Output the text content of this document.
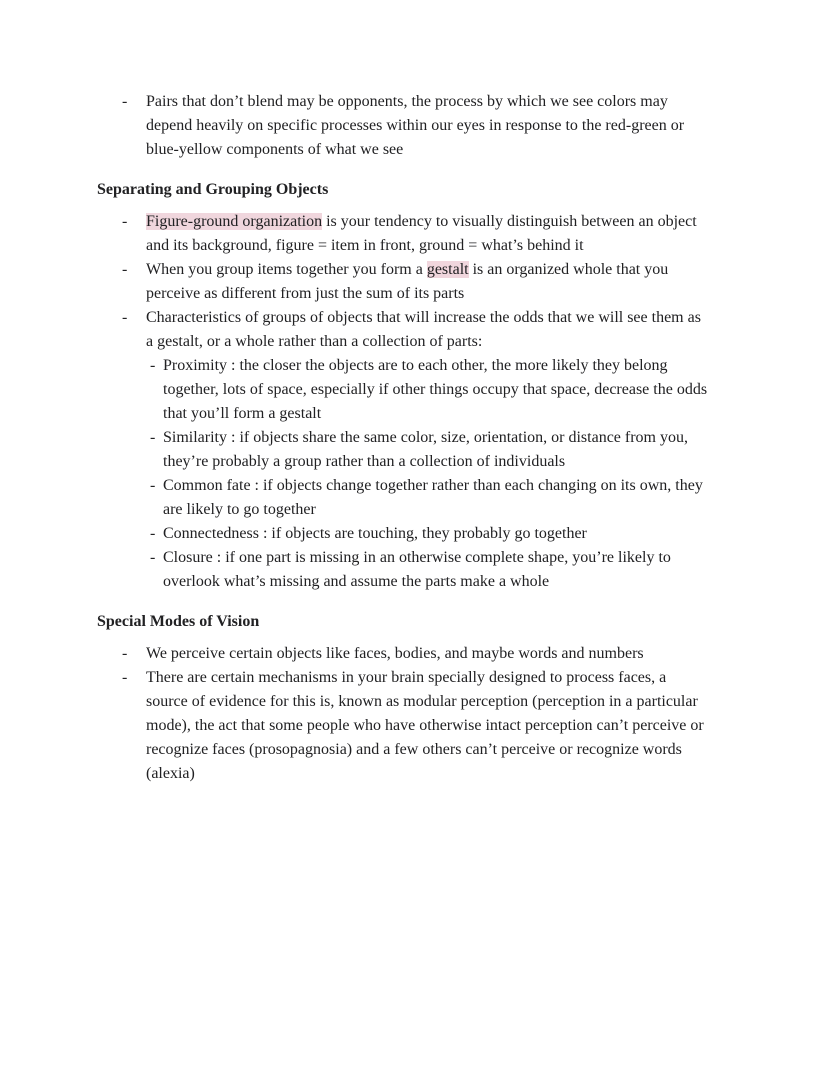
- Pairs that don’t blend may be opponents, the process by which we see colors may depend heavily on specific processes within our eyes in response to the red-green or blue-yellow components of what we see
Separating and Grouping Objects
- Figure-ground organization is your tendency to visually distinguish between an object and its background, figure = item in front, ground = what’s behind it
- When you group items together you form a gestalt is an organized whole that you perceive as different from just the sum of its parts
- Characteristics of groups of objects that will increase the odds that we will see them as a gestalt, or a whole rather than a collection of parts:
- Proximity : the closer the objects are to each other, the more likely they belong together, lots of space, especially if other things occupy that space, decrease the odds that you’ll form a gestalt
- Similarity : if objects share the same color, size, orientation, or distance from you, they’re probably a group rather than a collection of individuals
- Common fate : if objects change together rather than each changing on its own, they are likely to go together
- Connectedness : if objects are touching, they probably go together
- Closure : if one part is missing in an otherwise complete shape, you’re likely to overlook what’s missing and assume the parts make a whole
Special Modes of Vision
- We perceive certain objects like faces, bodies, and maybe words and numbers
- There are certain mechanisms in your brain specially designed to process faces, a source of evidence for this is, known as modular perception (perception in a particular mode), the act that some people who have otherwise intact perception can’t perceive or recognize faces (prosopagnosia) and a few others can’t perceive or recognize words (alexia)
